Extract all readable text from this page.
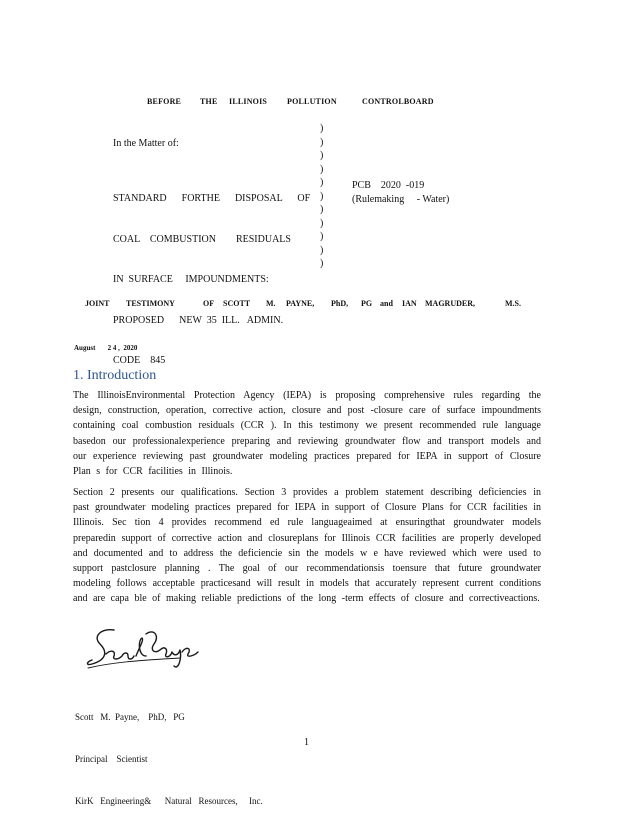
BEFORE THE ILLINOIS POLLUTION	CONTROLBOARD
In the Matter of:

STANDARD      FORTHE      DISPOSAL      OF

COAL    COMBUSTION        RESIDUALS

IN  SURFACE     IMPOUNDMENTS:

PROPOSED      NEW  35  ILL.   ADMIN.

CODE    845

)
)
)
)
)
)
)
)
)
)
)
PCB    2020  -019
(Rulemaking     - Water)
JOINT TESTIMONY	OF SCOTT M. PAYNE, PhD, PG and IAN MAGRUDER,	M.S.
August       2 4 ,  2020
1. Introduction
The IllinoisEnvironmental Protection Agency (IEPA) is proposing comprehensive rules regarding the design, construction, operation, corrective action, closure and post -closure care of surface impoundments containing coal combustion residuals (CCR ). In this testimony we present recommended rule language basedon our professionalexperience preparing and reviewing groundwater flow and transport models and our experience reviewing past groundwater modeling practices prepared for IEPA in support of Closure Plan s for CCR facilities in Illinois.
Section 2 presents our qualifications. Section 3 provides a problem statement describing deficiencies in past groundwater modeling practices prepared for IEPA in support of Closure Plans for CCR facilities in Illinois. Sec tion 4 provides recommend ed rule languageaimed at ensuringthat groundwater models preparedin support of corrective action and closureplans for Illinois CCR facilities are properly developed and documented and to address the deficiencie sin the models w e have reviewed which were used to support pastclosure planning . The goal of our recommendationsis toensure that future groundwater modeling follows acceptable practicesand will result in models that accurately represent current conditions and are capa ble of making reliable predictions of the long -term effects of closure and correctiveactions.

Scott   M.  Payne,    PhD,   PG

Principal    Scientist

KirK   Engineering&      Natural   Resources,     Inc.

1
